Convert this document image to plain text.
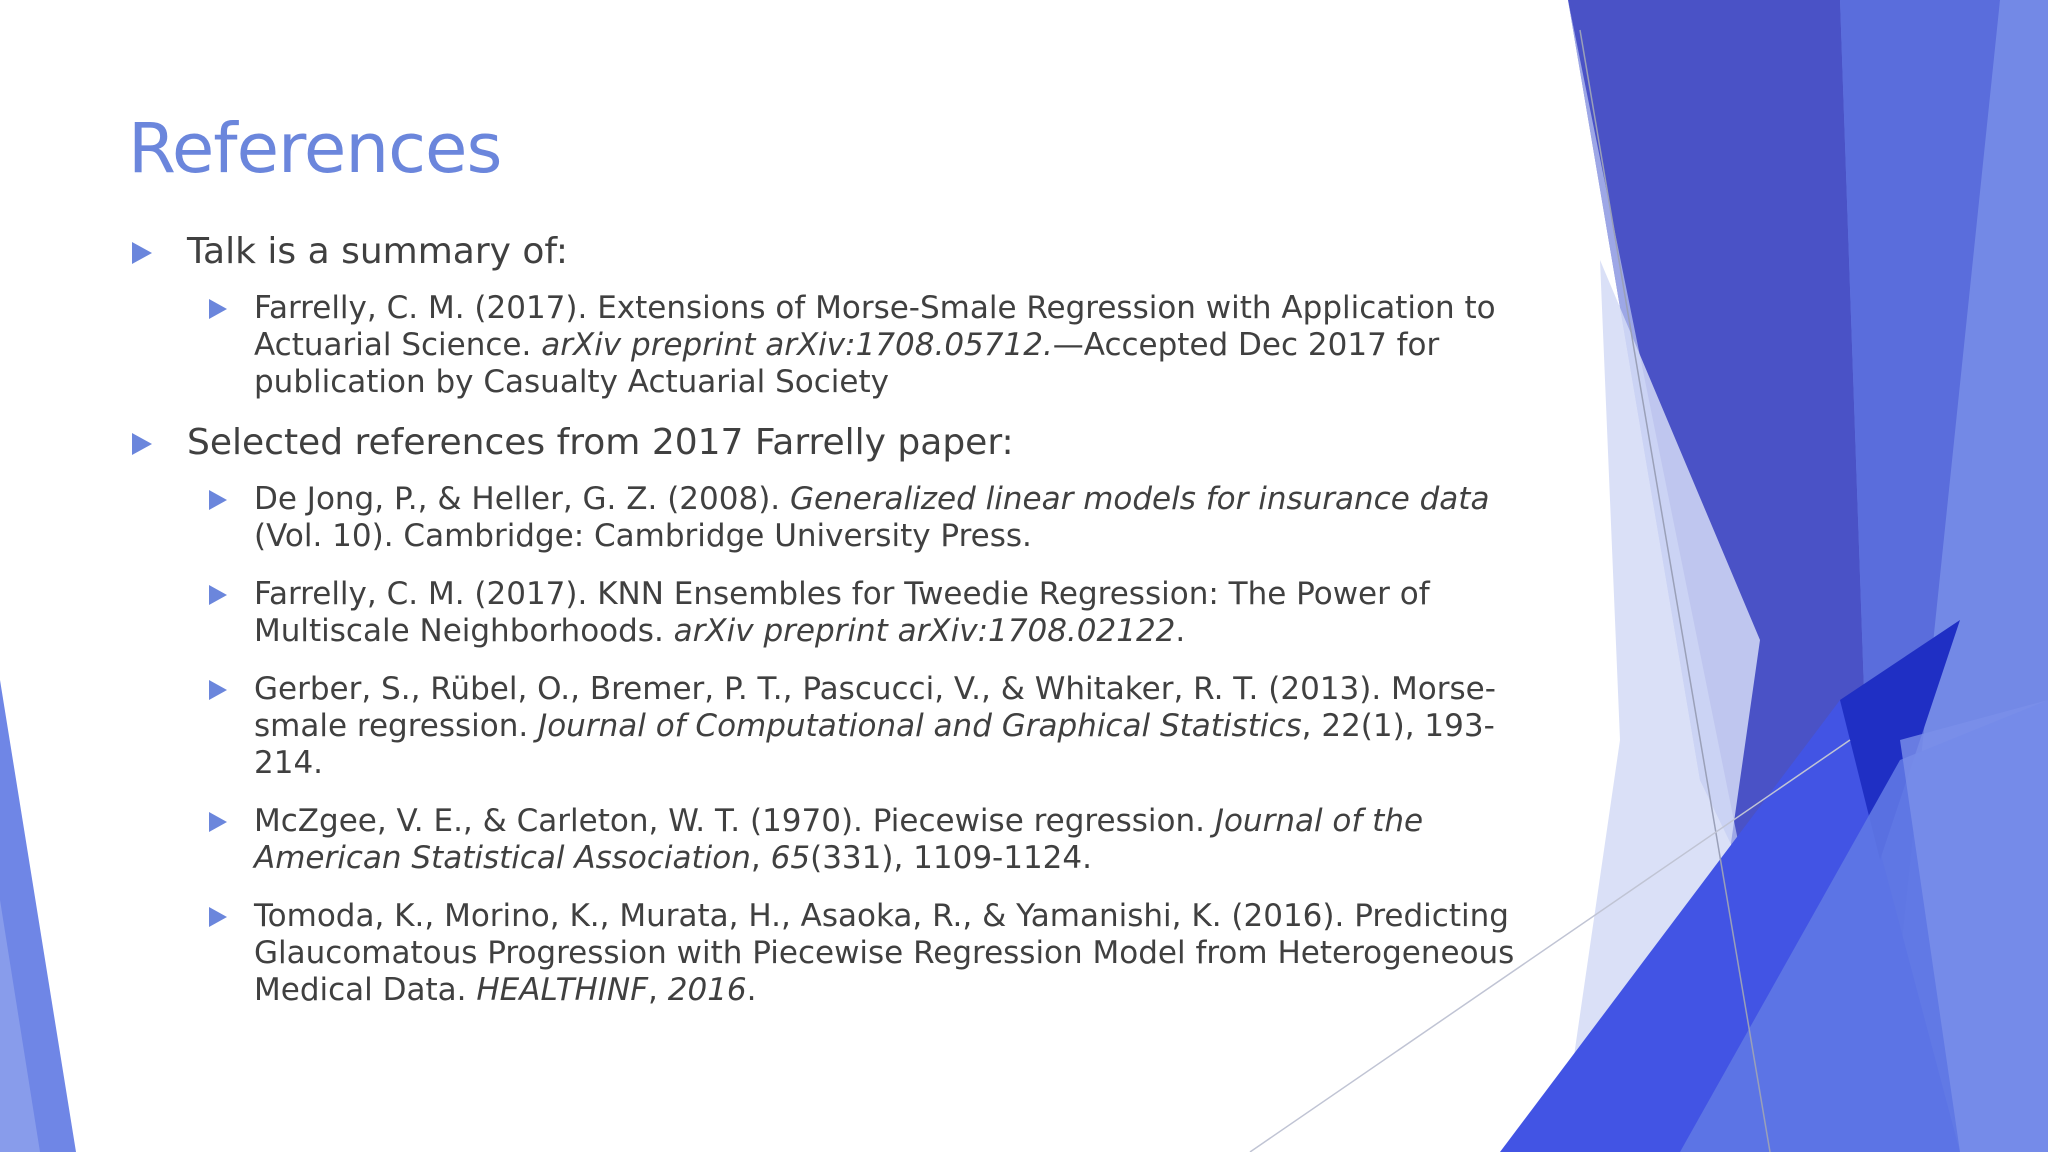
References
Talk is a summary of:
Farrelly, C. M. (2017). Extensions of Morse-Smale Regression with Application to Actuarial Science. arXiv preprint arXiv:1708.05712.—Accepted Dec 2017 for publication by Casualty Actuarial Society
Selected references from 2017 Farrelly paper:
De Jong, P., & Heller, G. Z. (2008). Generalized linear models for insurance data (Vol. 10). Cambridge: Cambridge University Press.
Farrelly, C. M. (2017). KNN Ensembles for Tweedie Regression: The Power of Multiscale Neighborhoods. arXiv preprint arXiv:1708.02122.
Gerber, S., Rübel, O., Bremer, P. T., Pascucci, V., & Whitaker, R. T. (2013). Morse-smale regression. Journal of Computational and Graphical Statistics, 22(1), 193-214.
McZgee, V. E., & Carleton, W. T. (1970). Piecewise regression. Journal of the American Statistical Association, 65(331), 1109-1124.
Tomoda, K., Morino, K., Murata, H., Asaoka, R., & Yamanishi, K. (2016). Predicting Glaucomatous Progression with Piecewise Regression Model from Heterogeneous Medical Data. HEALTHINF, 2016.
